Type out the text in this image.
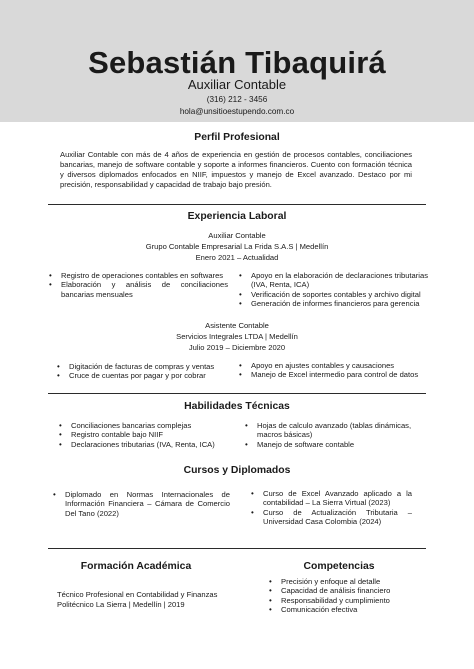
Sebastián Tibaquirá
Auxiliar Contable
(316) 212 - 3456
hola@unsitioestupendo.com.co
Perfil Profesional
Auxiliar Contable con más de 4 años de experiencia en gestión de procesos contables, conciliaciones bancarias, manejo de software contable y soporte a informes financieros. Cuento con formación técnica y diversos diplomados enfocados en NIIF, impuestos y manejo de Excel avanzado. Destaco por mi precisión, responsabilidad y capacidad de trabajo bajo presión.
Experiencia Laboral
Auxiliar Contable
Grupo Contable Empresarial La Frida S.A.S | Medellín
Enero 2021 – Actualidad
• Registro de operaciones contables en softwares
• Elaboración y análisis de conciliaciones bancarias mensuales
• Apoyo en la elaboración de declaraciones tributarias (IVA, Renta, ICA)
• Verificación de soportes contables y archivo digital
• Generación de informes financieros para gerencia
Asistente Contable
Servicios Integrales LTDA | Medellín
Julio 2019 – Diciembre 2020
• Digitación de facturas de compras y ventas
• Cruce de cuentas por pagar y por cobrar
• Apoyo en ajustes contables y causaciones
• Manejo de Excel intermedio para control de datos
Habilidades Técnicas
• Conciliaciones bancarias complejas
• Registro contable bajo NIIF
• Declaraciones tributarias (IVA, Renta, ICA)
• Hojas de calculo avanzado (tablas dinámicas, macros básicas)
• Manejo de software contable
Cursos y Diplomados
• Diplomado en Normas Internacionales de Información Financiera – Cámara de Comercio Del Tano (2022)
• Curso de Excel Avanzado aplicado a la contabilidad – La Sierra Virtual (2023)
• Curso de Actualización Tributaria – Universidad Casa Colombia (2024)
Formación Académica
Técnico Profesional en Contabilidad y Finanzas
Politécnico La Sierra | Medellín | 2019
Competencias
• Precisión y enfoque al detalle
• Capacidad de análisis financiero
• Responsabilidad y cumplimiento
• Comunicación efectiva
